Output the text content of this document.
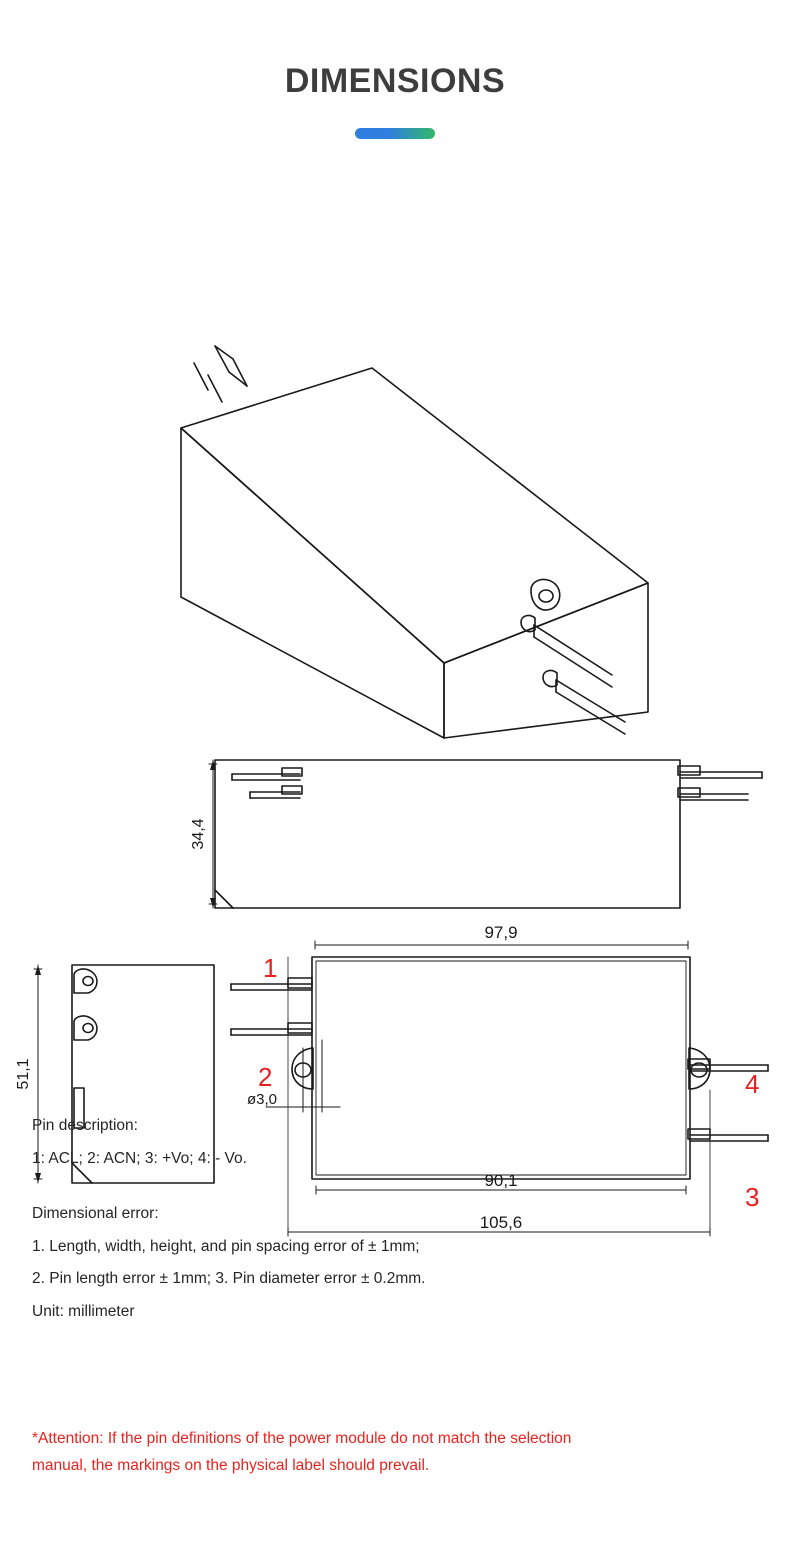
DIMENSIONS
34,4
97,9
51,1
ø3,0
90,1
105,6
1
2
3
4

Pin description:

1: ACL; 2: ACN; 3: +Vo; 4: - Vo.

Dimensional error:

1. Length, width, height, and pin spacing error of ± 1mm;

2. Pin length error ± 1mm; 3. Pin diameter error ± 0.2mm.

Unit: millimeter

*Attention: If the pin definitions of the power module do not match the selection
manual, the markings on the physical label should prevail.
